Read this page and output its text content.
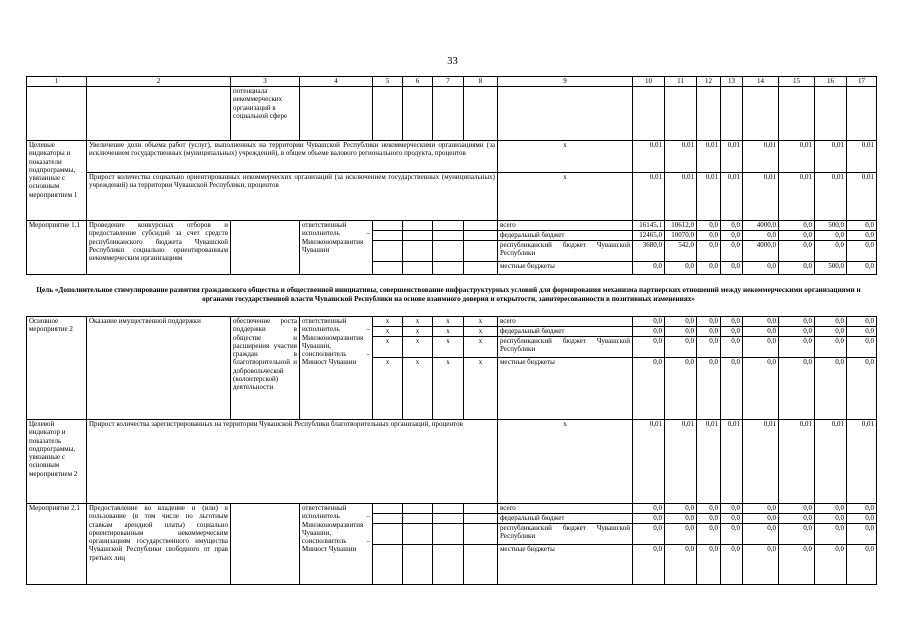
33
1	2	3	4	5	6	7	8	9	10	11	12	13	14	15	16	17
		потенциала некоммерческих организаций в социальной сфере														
Целевые индикаторы и показатели подпрограммы, увязанные с основным мероприятием 1	Увеличение доли объема работ (услуг), выполненных на территории Чувашской Республики некоммерческими организациями (за исключением государственных (муниципальных) учреждений), в общем объеме валового регионального продукта, процентов							x	0,01	0,01	0,01	0,01	0,01	0,01	0,01	0,01
	Прирост количества социально ориентированных некоммерческих организаций (за исключением государственных (муниципальных) учреждений) на территории Чувашской Республики, процентов							x	0,01	0,01	0,01	0,01	0,01	0,01	0,01	0,01
Мероприятие 1.1	Проведение конкурсных отборов и предоставление субсидий за счет средств республиканского бюджета Чувашской Республики социально ориентированным некоммерческим организациям		ответственный исполнитель – Минэкономразвития Чувашии					всего	16145,1	10612,0	0,0	0,0	4000,0	0,0	500,0	0,0
								федеральный бюджет	12465,0	10070,0	0,0	0,0	0,0	0,0	0,0	0,0
								республиканский бюджет Чувашской Республики	3680,0	542,0	0,0	0,0	4000,0	0,0	0,0	0,0
								местные бюджеты	0,0	0,0	0,0	0,0	0,0	0,0	500,0	0,0
Цель «Дополнительное стимулирование развития гражданского общества и общественной инициативы, совершенствование инфраструктурных условий для формирования механизма партнерских отношений между некоммерческими организациями и органами государственной власти Чувашской Республики на основе взаимного доверия и открытости, заинтересованности в позитивных изменениях»
Основное мероприятие 2	Оказание имущественной поддержки	обеспечение роста поддержки в обществе и расширения участия граждан в благотворительной и добровольческой (волонтерской) деятельности	ответственный исполнитель – Минэкономразвития Чувашии, соисполнитель – Минюст Чувашии	x	x	x	x	всего	0,0	0,0	0,0	0,0	0,0	0,0	0,0	0,0
				x	x	x	x	федеральный бюджет	0,0	0,0	0,0	0,0	0,0	0,0	0,0	0,0
				x	x	x	x	республиканский бюджет Чувашской Республики	0,0	0,0	0,0	0,0	0,0	0,0	0,0	0,0
				x	x	x	x	местные бюджеты	0,0	0,0	0,0	0,0	0,0	0,0	0,0	0,0
Целевой индикатор и показатель подпрограммы, увязанные с основным мероприятием 2	Прирост количества зарегистрированных на территории Чувашской Республики благотворительных организаций, процентов							x	0,01	0,01	0,01	0,01	0,01	0,01	0,01	0,01
Мероприятие 2.1	Предоставление во владение и (или) в пользование (в том числе по льготным ставкам арендной платы) социально ориентированным некоммерческим организациям государственного имущества Чувашской Республики свободного от прав третьих лиц		ответственный исполнитель – Минэкономразвития Чувашии, соисполнитель – Минюст Чувашии					всего	0,0	0,0	0,0	0,0	0,0	0,0	0,0	0,0
								федеральный бюджет	0,0	0,0	0,0	0,0	0,0	0,0	0,0	0,0
								республиканский бюджет Чувашской Республики	0,0	0,0	0,0	0,0	0,0	0,0	0,0	0,0
								местные бюджеты	0,0	0,0	0,0	0,0	0,0	0,0	0,0	0,0
